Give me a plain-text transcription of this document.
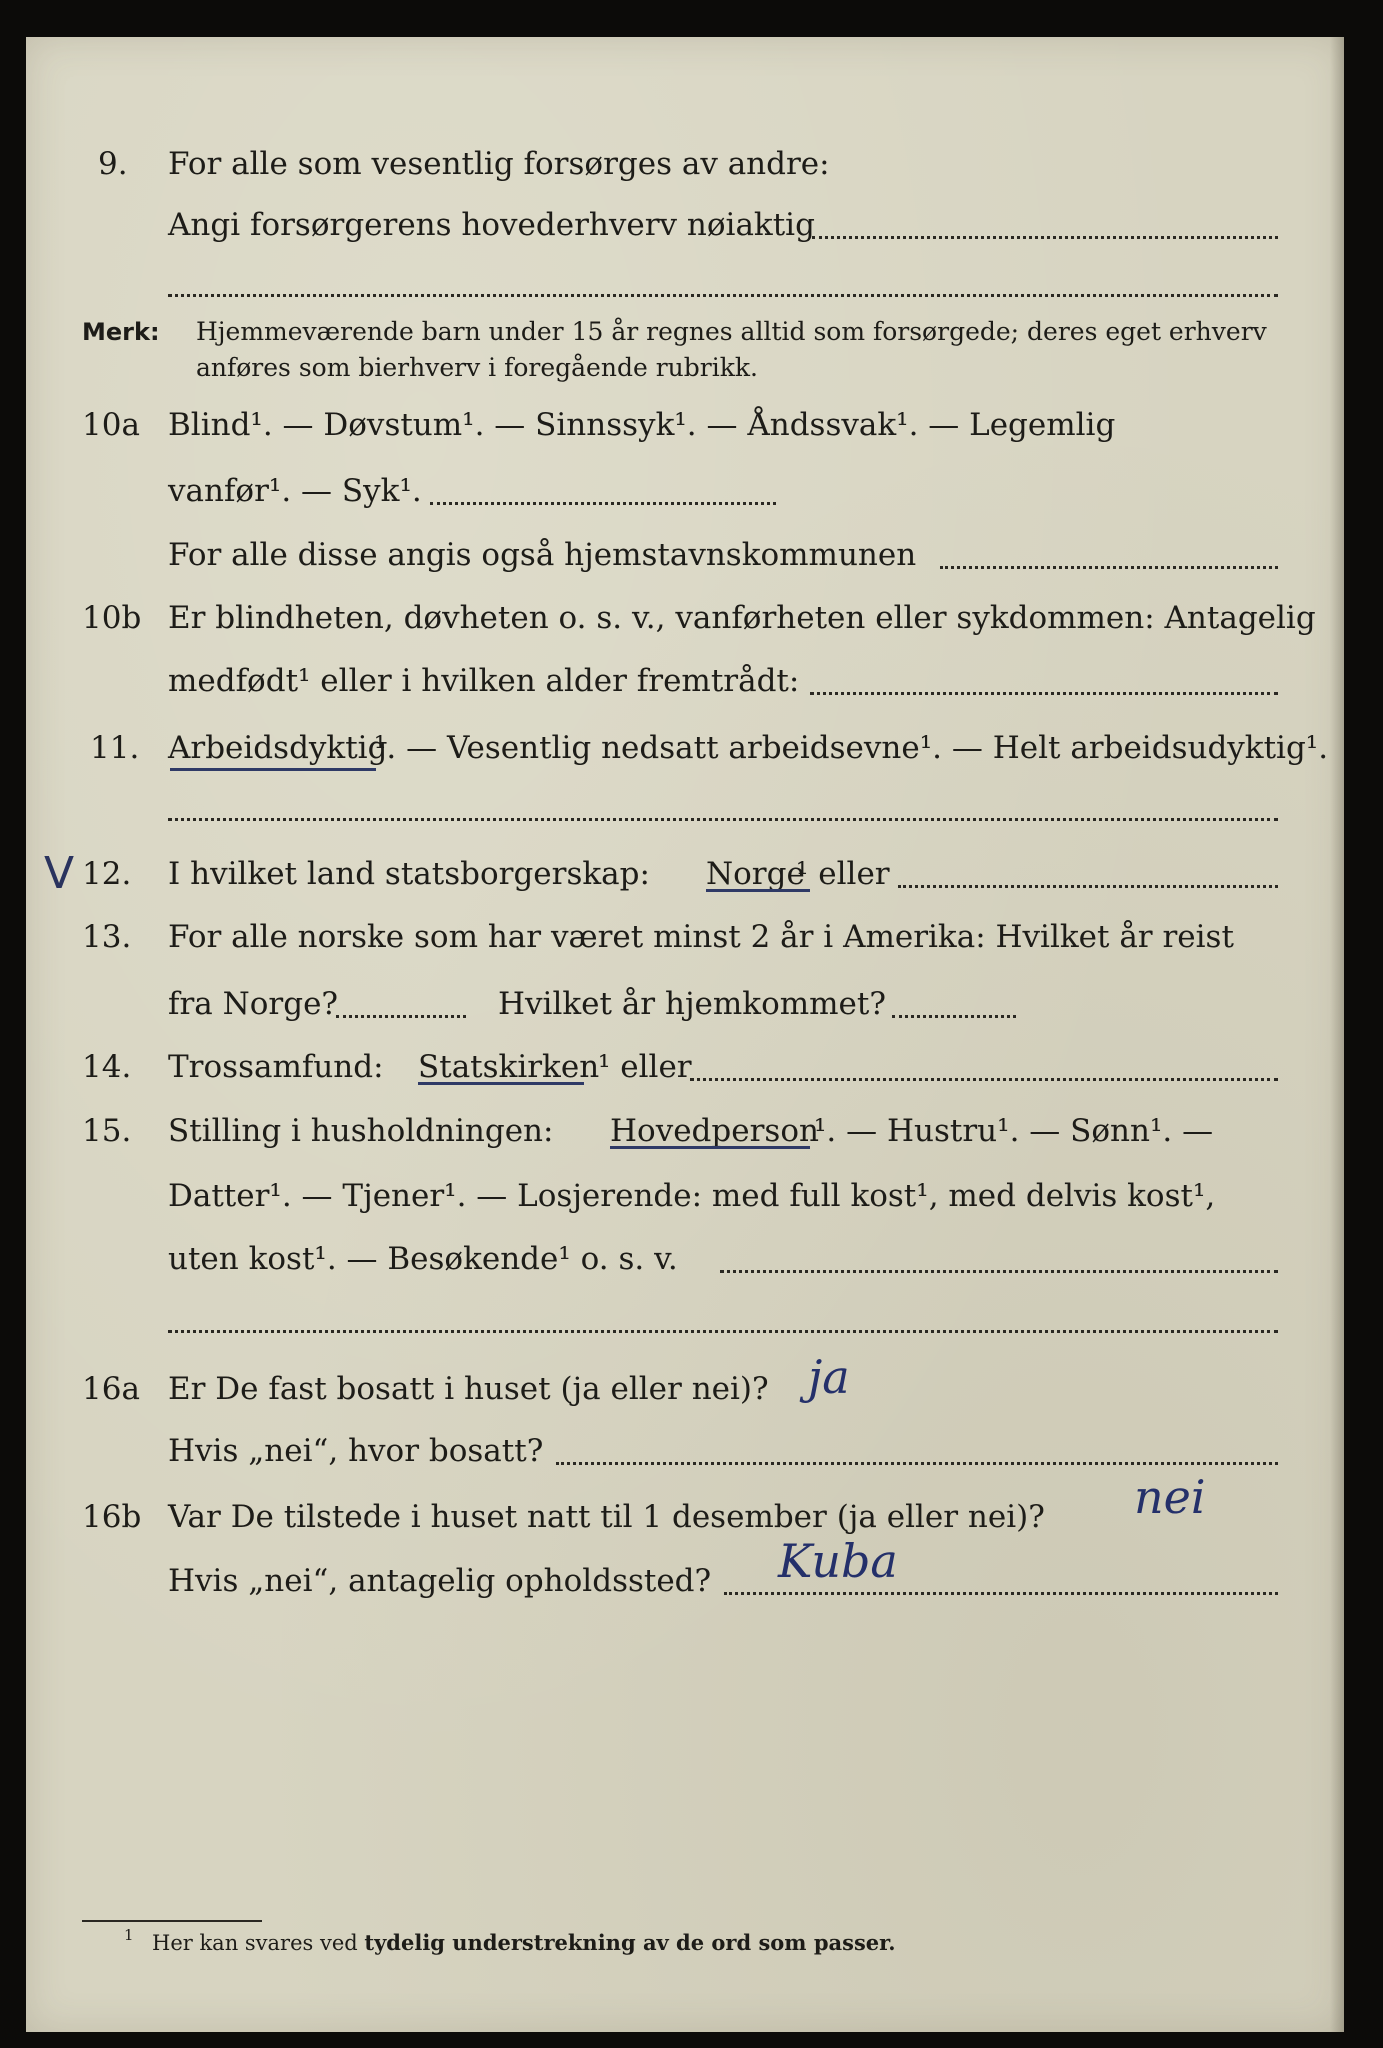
9. For alle som vesentlig forsørges av andre:
Angi forsørgerens hovederhverv nøiaktig
Merk: Hjemmeværende barn under 15 år regnes alltid som forsørgede; deres eget erhverv
anføres som bierhverv i foregående rubrikk.
10a Blind¹. — Døvstum¹. — Sinnssyk¹. — Åndssvak¹. — Legemlig
vanfør¹. — Syk¹.
For alle disse angis også hjemstavnskommunen
10b Er blindheten, døvheten o. s. v., vanførheten eller sykdommen: Antagelig
medfødt¹ eller i hvilken alder fremtrådt:
11. Arbeidsdyktig
¹. — Vesentlig nedsatt arbeidsevne¹. — Helt arbeidsudyktig¹.
V 12. I hvilket land statsborgerskap: Norge
¹ eller
13. For alle norske som har været minst 2 år i Amerika: Hvilket år reist
fra Norge?	Hvilket år hjemkommet?
14. Trossamfund: Statskirken
¹ eller
15. Stilling i husholdningen: Hovedperson
¹. — Hustru¹. — Sønn¹. —
Datter¹. — Tjener¹. — Losjerende: med full kost¹, med delvis kost¹,
uten kost¹. — Besøkende¹ o. s. v.
16a Er De fast bosatt i huset (ja eller nei)? ja
Hvis „nei“, hvor bosatt?
16b Var De tilstede i huset natt til 1 desember (ja eller nei)? nei
Hvis „nei“, antagelig opholdssted? Kuba
1 Her kan svares ved tydelig understrekning av de ord som passer.
